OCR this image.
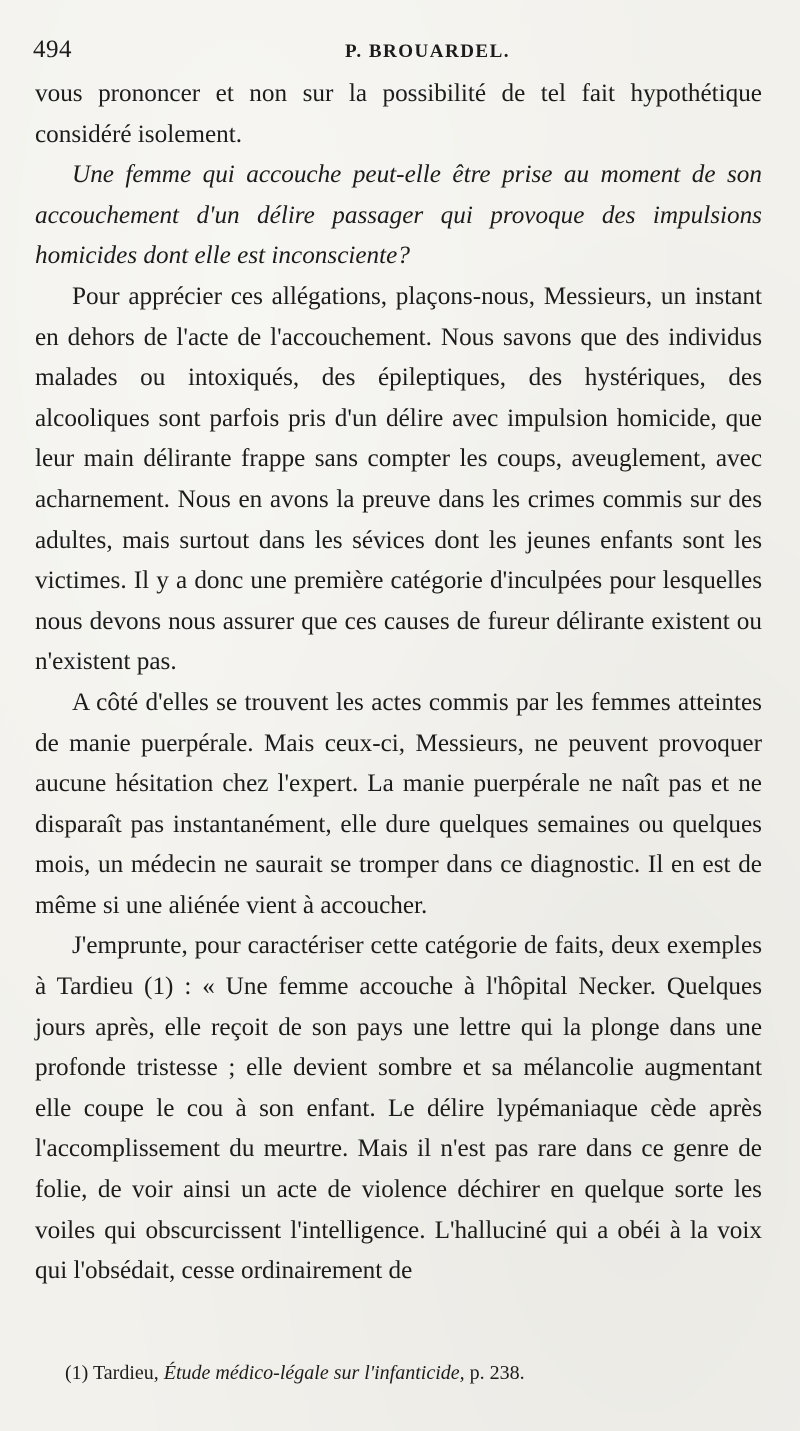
494	P. BROUARDEL.

vous prononcer et non sur la possibilité de tel fait hypothétique considéré isolement.

Une femme qui accouche peut-elle être prise au moment de son accouchement d'un délire passager qui provoque des impulsions homicides dont elle est inconsciente?

Pour apprécier ces allégations, plaçons-nous, Messieurs, un instant en dehors de l'acte de l'accouchement. Nous savons que des individus malades ou intoxiqués, des épileptiques, des hystériques, des alcooliques sont parfois pris d'un délire avec impulsion homicide, que leur main délirante frappe sans compter les coups, aveuglement, avec acharnement. Nous en avons la preuve dans les crimes commis sur des adultes, mais surtout dans les sévices dont les jeunes enfants sont les victimes. Il y a donc une première catégorie d'inculpées pour lesquelles nous devons nous assurer que ces causes de fureur délirante existent ou n'existent pas.

A côté d'elles se trouvent les actes commis par les femmes atteintes de manie puerpérale. Mais ceux-ci, Messieurs, ne peuvent provoquer aucune hésitation chez l'expert. La manie puerpérale ne naît pas et ne disparaît pas instantanément, elle dure quelques semaines ou quelques mois, un médecin ne saurait se tromper dans ce diagnostic. Il en est de même si une aliénée vient à accoucher.

J'emprunte, pour caractériser cette catégorie de faits, deux exemples à Tardieu (1) : « Une femme accouche à l'hôpital Necker. Quelques jours après, elle reçoit de son pays une lettre qui la plonge dans une profonde tristesse ; elle devient sombre et sa mélancolie augmentant elle coupe le cou à son enfant. Le délire lypémaniaque cède après l'accomplissement du meurtre. Mais il n'est pas rare dans ce genre de folie, de voir ainsi un acte de violence déchirer en quelque sorte les voiles qui obscurcissent l'intelligence. L'halluciné qui a obéi à la voix qui l'obsédait, cesse ordinairement de

(1) Tardieu, Étude médico-légale sur l'infanticide, p. 238.
